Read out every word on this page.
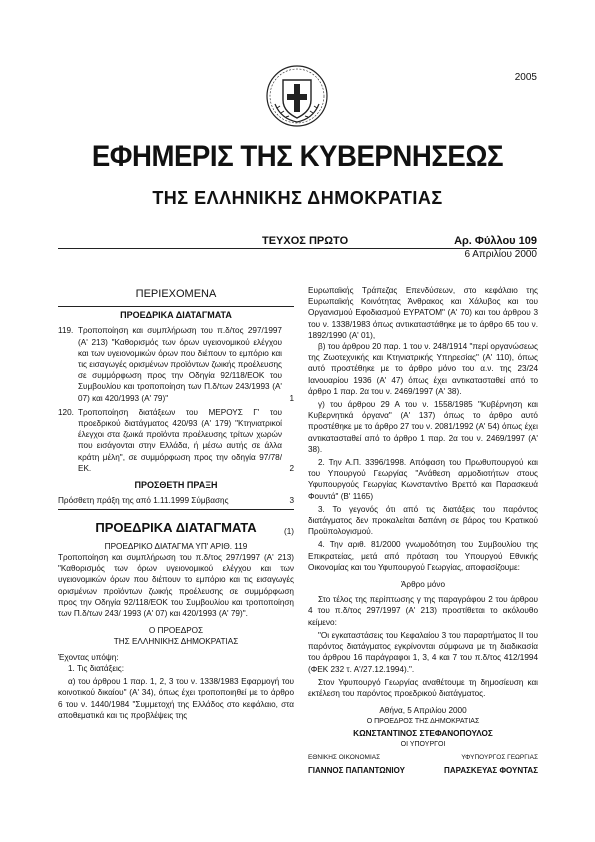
2005
ΕΦΗΜΕΡΙΣ ΤΗΣ ΚΥΒΕΡΝΗΣΕΩΣ
ΤΗΣ ΕΛΛΗΝΙΚΗΣ ΔΗΜΟΚΡΑΤΙΑΣ
ΤΕΥΧΟΣ ΠΡΩΤΟ	Αρ. Φύλλου 109
6 Απριλίου 2000
ΠΕΡΙΕΧΟΜΕΝΑ
ΠΡΟΕΔΡΙΚΑ ΔΙΑΤΑΓΜΑΤΑ
119. Τροποποίηση και συμπλήρωση του π.δ/τος 297/1997 (Α' 213) "Καθορισμός των όρων υγειονομικού ελέγχου και των υγειονομικών όρων που διέπουν το εμπόριο και τις εισαγωγές ορισμένων προϊόντων ζωικής προέλευσης σε συμμόρφωση προς την Οδηγία 92/118/ΕΟΚ του Συμβουλίου και τροποποίηση των Π.δ/των 243/1993 (Α' 07) και 420/1993 (Α' 79)"	1
120. Τροποποίηση διατάξεων του ΜΕΡΟΥΣ Γ' του προεδρικού διατάγματος 420/93 (Α' 179) "Κτηνιατρικοί έλεγχοι στα ζωικά προϊόντα προέλευσης τρίτων χωρών που εισάγονται στην Ελλάδα, ή μέσω αυτής σε άλλα κράτη μέλη", σε συμμόρφωση προς την οδηγία 97/78/ΕΚ.	2
ΠΡΟΣΘΕΤΗ ΠΡΑΞΗ
Πρόσθετη πράξη της από 1.11.1999 Σύμβασης	3
ΠΡΟΕΔΡΙΚΑ ΔΙΑΤΑΓΜΑΤΑ	(1)
ΠΡΟΕΔΡΙΚΟ ΔΙΑΤΑΓΜΑ ΥΠ' ΑΡΙΘ. 119
Τροποποίηση και συμπλήρωση του π.δ/τος 297/1997 (Α' 213) "Καθορισμός των όρων υγειονομικού ελέγχου και των υγειονομικών όρων που διέπουν το εμπόριο και τις εισαγωγές ορισμένων προϊόντων ζωικής προέλευσης σε συμμόρφωση προς την Οδηγία 92/118/ΕΟΚ του Συμβουλίου και τροποποίηση των Π.δ/των 243/ 1993 (Α' 07) και 420/1993 (Α' 79)".
Ο ΠΡΟΕΔΡΟΣ
ΤΗΣ ΕΛΛΗΝΙΚΗΣ ΔΗΜΟΚΡΑΤΙΑΣ
Έχοντας υπόψη:
1. Τις διατάξεις:
α) του άρθρου 1 παρ. 1, 2, 3 του ν. 1338/1983 Εφαρμογή του κοινοτικού δικαίου" (Α' 34), όπως έχει τροποποιηθεί με το άρθρο 6 του ν. 1440/1984 "Συμμετοχή της Ελλάδος στο κεφάλαιο, στα αποθεματικά και τις προβλέψεις της
Ευρωπαϊκής Τράπεζας Επενδύσεων, στο κεφάλαιο της Ευρωπαϊκής Κοινότητας Άνθρακος και Χάλυβος και του Οργανισμού Εφοδιασμού ΕΥΡΑΤΟΜ" (Α' 70) και του άρθρου 3 του ν. 1338/1983 όπως αντικαταστάθηκε με το άρθρο 65 του ν. 1892/1990 (Α' 01),
β) του άρθρου 20 παρ. 1 του ν. 248/1914 "περί οργανώσεως της Ζωοτεχνικής και Κτηνιατρικής Υπηρεσίας" (Α' 110), όπως αυτό προστέθηκε με το άρθρο μόνο του α.ν. της 23/24 Ιανουαρίου 1936 (Α' 47) όπως έχει αντικατασταθεί από το άρθρο 1 παρ. 2α του ν. 2469/1997 (Α' 38).
γ) του άρθρου 29 Α του ν. 1558/1985 "Κυβέρνηση και Κυβερνητικά όργανα" (Α' 137) όπως το άρθρο αυτό προστέθηκε με το άρθρο 27 του ν. 2081/1992 (Α' 54) όπως έχει αντικατασταθεί από το άρθρο 1 παρ. 2α του ν. 2469/1997 (Α' 38).
2. Την Α.Π. 3396/1998. Απόφαση του Πρωθυπουργού και του Υπουργού Γεωργίας "Ανάθεση αρμοδιοτήτων στους Υφυπουργούς Γεωργίας Κωνσταντίνο Βρεττό και Παρασκευά Φουντά" (Β' 1165)
3. Το γεγονός ότι από τις διατάξεις του παρόντος διατάγματος δεν προκαλείται δαπάνη σε βάρος του Κρατικού Προϋπολογισμού.
4. Την αριθ. 81/2000 γνωμοδότηση του Συμβουλίου της Επικρατείας, μετά από πρόταση του Υπουργού Εθνικής Οικονομίας και του Υφυπουργού Γεωργίας, αποφασίζουμε:
Άρθρο μόνο
Στο τέλος της περίπτωσης γ της παραγράφου 2 του άρθρου 4 του π.δ/τος 297/1997 (Α' 213) προστίθεται το ακόλουθο κείμενο:
"Οι εγκαταστάσεις του Κεφαλαίου 3 του παραρτήματος ΙΙ του παρόντος διατάγματος εγκρίνονται σύμφωνα με τη διαδικασία του άρθρου 16 παράγραφοι 1, 3, 4 και 7 του π.δ/τος 412/1994 (ΦΕΚ 232 τ. Α'/27.12.1994).".
Στον Υφυπουργό Γεωργίας αναθέτουμε τη δημοσίευση και εκτέλεση του παρόντος προεδρικού διατάγματος.
Αθήνα, 5 Απριλίου 2000
Ο ΠΡΟΕΔΡΟΣ ΤΗΣ ΔΗΜΟΚΡΑΤΙΑΣ
ΚΩΝΣΤΑΝΤΙΝΟΣ ΣΤΕΦΑΝΟΠΟΥΛΟΣ
ΟΙ ΥΠΟΥΡΓΟΙ
ΕΘΝΙΚΗΣ ΟΙΚΟΝΟΜΙΑΣ	ΥΦΥΠΟΥΡΓΟΣ ΓΕΩΡΓΙΑΣ
ΓΙΑΝΝΟΣ ΠΑΠΑΝΤΩΝΙΟΥ	ΠΑΡΑΣΚΕΥΑΣ ΦΟΥΝΤΑΣ
